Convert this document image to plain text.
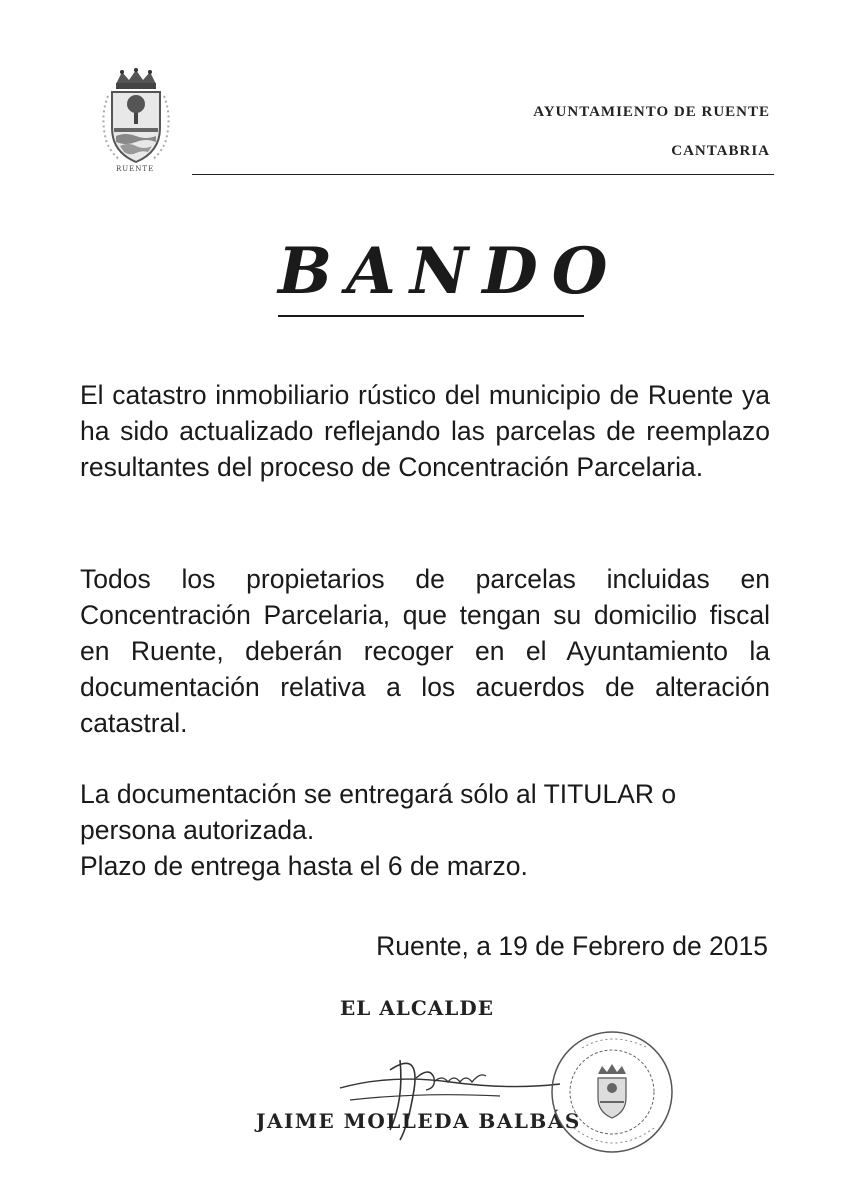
RUENTE
AYUNTAMIENTO DE RUENTE
CANTABRIA
BANDO
El catastro inmobiliario rústico del municipio de Ruente ya ha sido actualizado reflejando las parcelas de reemplazo resultantes del proceso de Concentración Parcelaria.
Todos los propietarios de parcelas incluidas en Concentración Parcelaria, que tengan su domicilio fiscal en Ruente, deberán recoger en el Ayuntamiento la documentación relativa a los acuerdos de alteración catastral.
La documentación se entregará sólo al TITULAR o persona autorizada.
Plazo de entrega hasta el 6 de marzo.
Ruente, a 19 de Febrero de 2015
EL ALCALDE
JAIME MOLLEDA BALBÁS
